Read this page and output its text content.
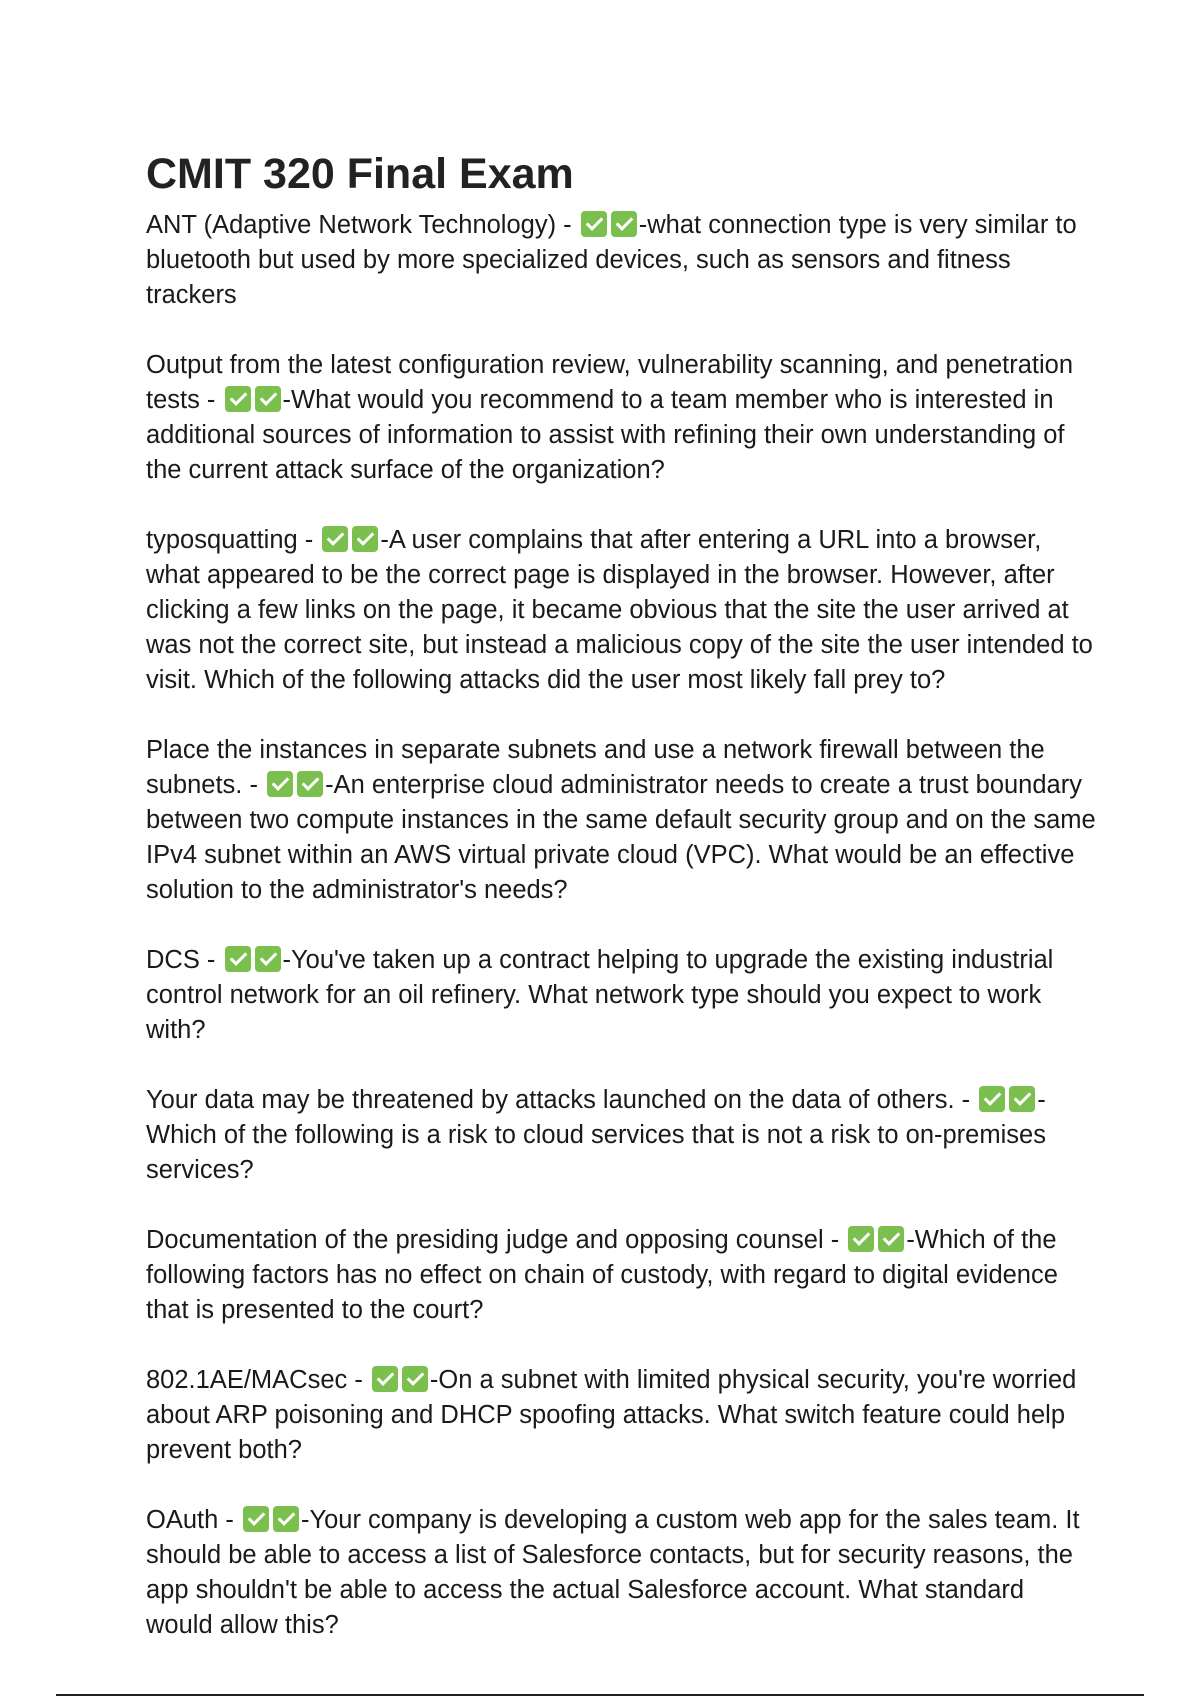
CMIT 320 Final Exam

ANT (Adaptive Network Technology) - -what connection type is very similar to bluetooth but used by more specialized devices, such as sensors and fitness trackers

Output from the latest configuration review, vulnerability scanning, and penetration tests - -What would you recommend to a team member who is interested in additional sources of information to assist with refining their own understanding of the current attack surface of the organization?

typosquatting - -A user complains that after entering a URL into a browser, what appeared to be the correct page is displayed in the browser. However, after clicking a few links on the page, it became obvious that the site the user arrived at was not the correct site, but instead a malicious copy of the site the user intended to visit. Which of the following attacks did the user most likely fall prey to?

Place the instances in separate subnets and use a network firewall between the subnets. - -An enterprise cloud administrator needs to create a trust boundary between two compute instances in the same default security group and on the same IPv4 subnet within an AWS virtual private cloud (VPC). What would be an effective solution to the administrator's needs?

DCS - -You've taken up a contract helping to upgrade the existing industrial control network for an oil refinery. What network type should you expect to work with?

Your data may be threatened by attacks launched on the data of others. - -Which of the following is a risk to cloud services that is not a risk to on-premises services?

Documentation of the presiding judge and opposing counsel - -Which of the following factors has no effect on chain of custody, with regard to digital evidence that is presented to the court?

802.1AE/MACsec - -On a subnet with limited physical security, you're worried about ARP poisoning and DHCP spoofing attacks. What switch feature could help prevent both?

OAuth - -Your company is developing a custom web app for the sales team. It should be able to access a list of Salesforce contacts, but for security reasons, the app shouldn't be able to access the actual Salesforce account. What standard would allow this?
